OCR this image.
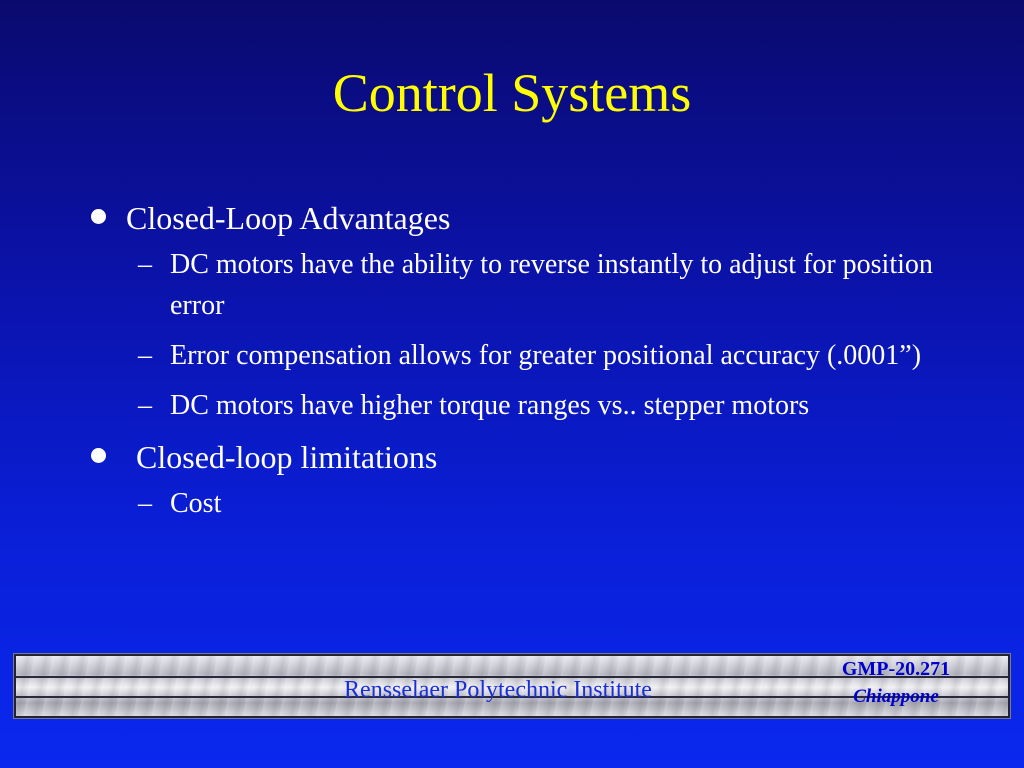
Control Systems
Closed-Loop Advantages

– DC motors have the ability to reverse instantly to adjust for position error

– Error compensation allows for greater positional accuracy (.0001”)

– DC motors have higher torque ranges vs.. stepper motors

Closed-loop limitations

– Cost

Rensselaer Polytechnic Institute
GMP-20.271
Chiappone
